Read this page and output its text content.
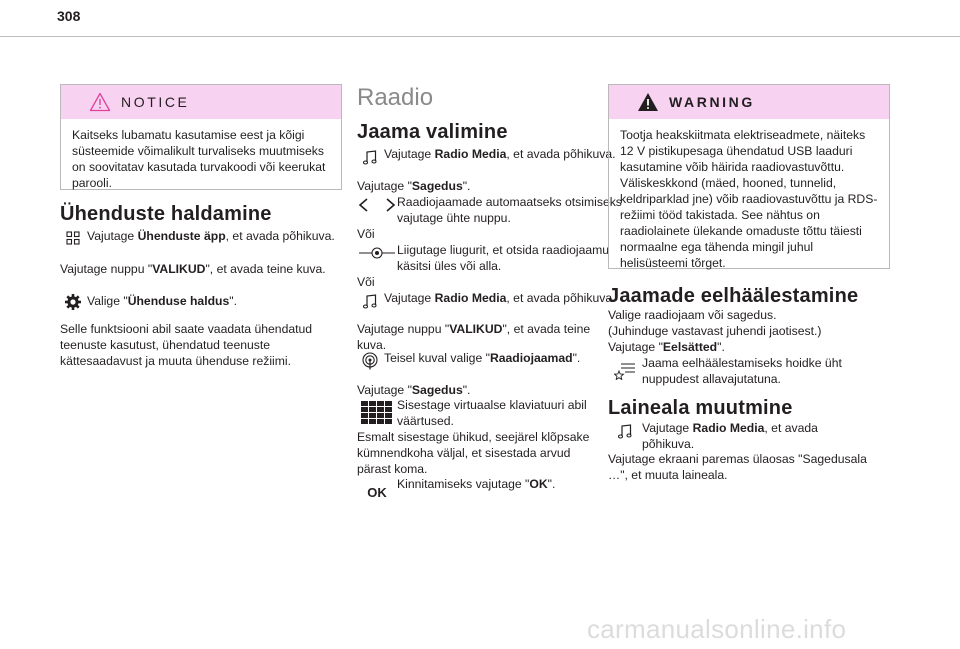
308
NOTICE
Kaitseks lubamatu kasutamise eest ja kõigi süsteemide võimalikult turvaliseks muutmiseks on soovitatav kasutada turvakoodi või keerukat parooli.
Ühenduste haldamine
Vajutage Ühenduste äpp, et avada põhikuva.
Vajutage nuppu "VALIKUD", et avada teine kuva.
Valige "Ühenduse haldus".
Selle funktsiooni abil saate vaadata ühendatud teenuste kasutust, ühendatud teenuste kättesaadavust ja muuta ühenduse režiimi.
Raadio
Jaama valimine
Vajutage Radio Media, et avada põhikuva.
Vajutage "Sagedus".
Raadiojaamade automaatseks otsimiseks vajutage ühte nuppu.
Või
Liigutage liugurit, et otsida raadiojaamu käsitsi üles või alla.
Või
Vajutage Radio Media, et avada põhikuva.
Vajutage nuppu "VALIKUD", et avada teine kuva.
Teisel kuval valige "Raadiojaamad".
Vajutage "Sagedus".
Sisestage virtuaalse klaviatuuri abil väärtused.
Esmalt sisestage ühikud, seejärel klõpsake kümnendkoha väljal, et sisestada arvud pärast koma.
OK
Kinnitamiseks vajutage "OK".
WARNING
Tootja heakskiitmata elektriseadmete, näiteks 12 V pistikupesaga ühendatud USB laaduri kasutamine võib häirida raadiovastuvõttu. Väliskeskkond (mäed, hooned, tunnelid, keldriparklad jne) võib raadiovastuvõttu ja RDS-režiimi tööd takistada. See nähtus on raadiolainete ülekande omaduste tõttu täiesti normaalne ega tähenda mingil juhul helisüsteemi tõrget.
Jaamade eelhäälestamine
Valige raadiojaam või sagedus.
(Juhinduge vastavast juhendi jaotisest.)
Vajutage "Eelsätted".
Jaama eelhäälestamiseks hoidke üht nuppudest allavajutatuna.
Laineala muutmine
Vajutage Radio Media, et avada põhikuva.
Vajutage ekraani paremas ülaosas "Sagedusala …", et muuta laineala.
carmanualsonline.info
